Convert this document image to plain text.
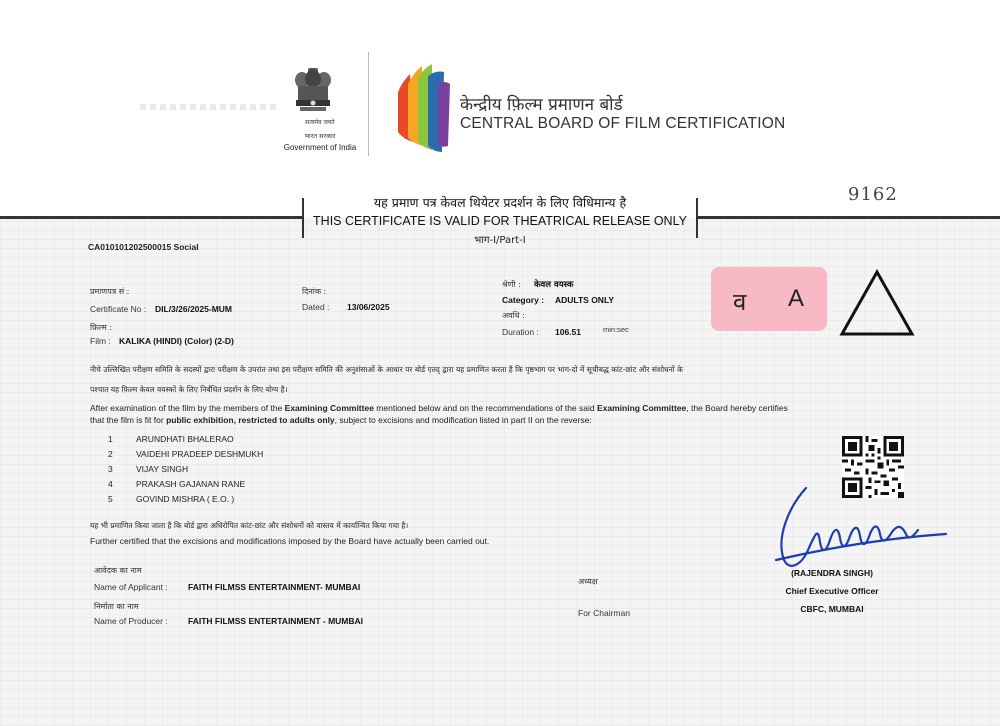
सत्यमेव जयते
भारत सरकार
Government of India
केन्द्रीय फ़िल्म प्रमाणन बोर्ड
CENTRAL BOARD OF FILM CERTIFICATION
यह प्रमाण पत्र केवल थियेटर प्रदर्शन के लिए विधिमान्य है
THIS CERTIFICATE IS VALID FOR THEATRICAL RELEASE ONLY
भाग-I/Part-I
9162
CA010101202500015 Social
प्रमाणपत्र सं :
Certificate No : DIL/3/26/2025-MUM
दिनांक :
Dated : 13/06/2025
फ़िल्म :
Film : KALIKA (HINDI) (Color) (2-D)
श्रेणी : केवल वयस्क
Category : ADULTS ONLY
अवधि :
Duration : 106.51	min:sec
व A
नीचे उल्लिखित परीक्षण समिति के सदस्यों द्वारा परीक्षण के उपरांत तथा इस परीक्षण समिति की अनुशंसाओं के आधार पर बोर्ड एतद् द्वारा यह प्रमाणित करता है कि पृष्ठभाग पर भाग-दो में सूचीबद्ध कांट-छांट और संशोधनों के
पश्चात यह फ़िल्म केवल वयस्कों के लिए निर्बंधित प्रदर्शन के लिए योग्य है।
After examination of the film by the members of the Examining Committee mentioned below and on the recommendations of the said Examining Committee, the Board hereby certifies
that the film is fit for public exhibition, restricted to adults only, subject to excisions and modification listed in part II on the reverse:
1	ARUNDHATI BHALERAO
2	VAIDEHI PRADEEP DESHMUKH
3	VIJAY SINGH
4	PRAKASH GAJANAN RANE
5	GOVIND MISHRA ( E.O. )
यह भी प्रमाणित किया जाता है कि बोर्ड द्वारा अधिरोपित कांट-छांट और संशोधनों को वास्तव में कार्यान्वित किया गया है।
Further certified that the excisions and modifications imposed by the Board have actually been carried out.
आवेदक का नाम
Name of Applicant : FAITH FILMSS ENTERTAINMENT- MUMBAI
निर्माता का नाम
Name of Producer : FAITH FILMSS ENTERTAINMENT - MUMBAI
अध्यक्ष
For Chairman
(RAJENDRA SINGH)
Chief Executive Officer
CBFC, MUMBAI
